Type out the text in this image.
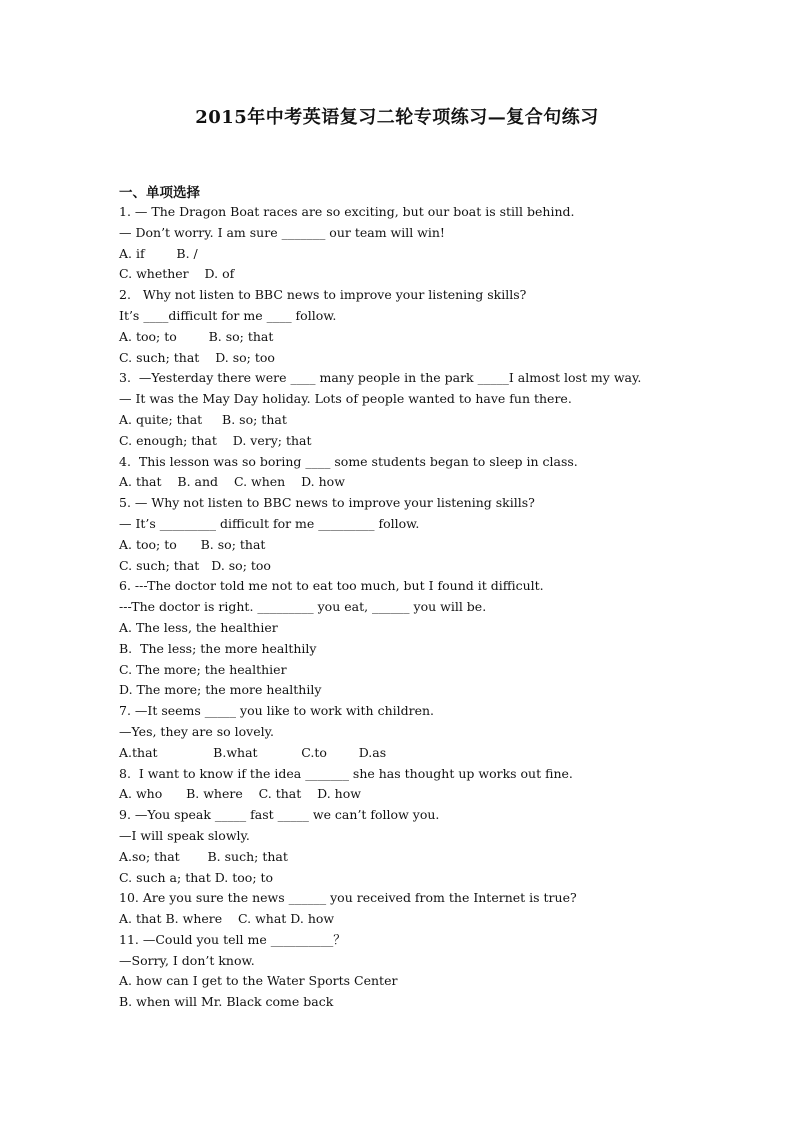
2015年中考英语复习二轮专项练习—复合句练习
一、单项选择
1. — The Dragon Boat races are so exciting, but our boat is still behind.
— Don’t worry. I am sure _______ our team will win!
A. if        B. /
C. whether    D. of
2.   Why not listen to BBC news to improve your listening skills?
It’s ____difficult for me ____ follow.
A. too; to        B. so; that
C. such; that    D. so; too
3.  —Yesterday there were ____ many people in the park _____I almost lost my way.
— It was the May Day holiday. Lots of people wanted to have fun there.
A. quite; that     B. so; that
C. enough; that    D. very; that
4.  This lesson was so boring ____ some students began to sleep in class.
A. that    B. and    C. when    D. how
5. — Why not listen to BBC news to improve your listening skills?
— It’s _________ difficult for me _________ follow.
A. too; to      B. so; that
C. such; that   D. so; too
6. ---The doctor told me not to eat too much, but I found it difficult.
---The doctor is right. _________ you eat, ______ you will be.
A. The less, the healthier
B.  The less; the more healthily
C. The more; the healthier
D. The more; the more healthily
7. —It seems _____ you like to work with children.
—Yes, they are so lovely.
A.that              B.what           C.to        D.as
8.  I want to know if the idea _______ she has thought up works out fine.
A. who      B. where    C. that    D. how
9. —You speak _____ fast _____ we can’t follow you.
—I will speak slowly.
A.so; that       B. such; that
C. such a; that D. too; to
10. Are you sure the news ______ you received from the Internet is true?
A. that B. where    C. what D. how
11. —Could you tell me __________？
—Sorry, I don’t know.
A. how can I get to the Water Sports Center
B. when will Mr. Black come back
